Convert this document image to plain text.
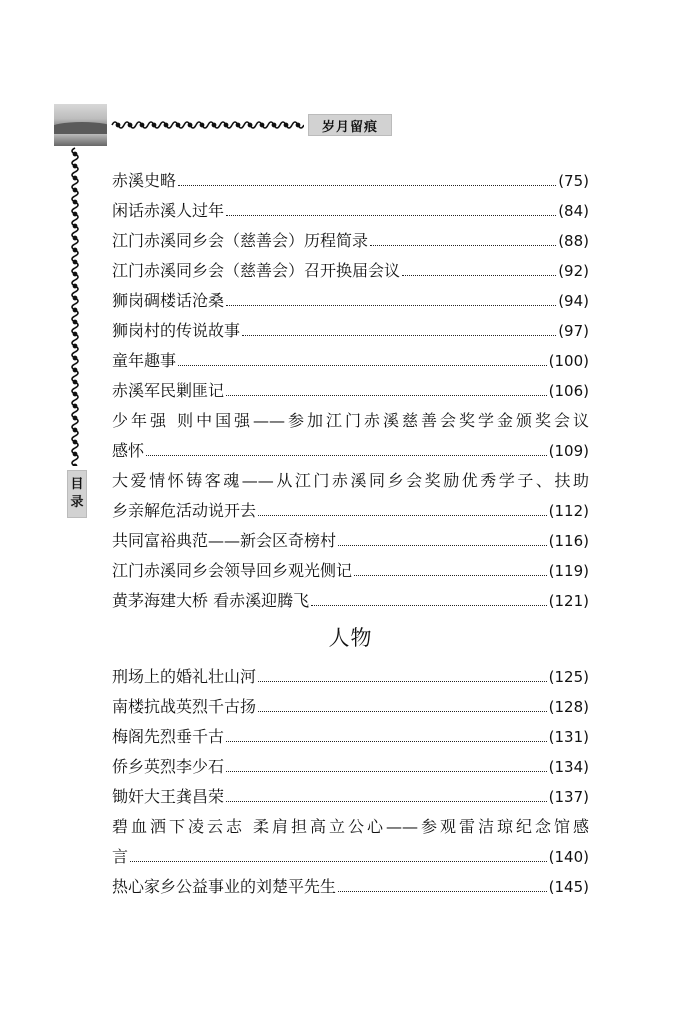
岁月留痕
目
录
赤溪史略	(75)
闲话赤溪人过年	(84)
江门赤溪同乡会（慈善会）历程简录	(88)
江门赤溪同乡会（慈善会）召开换届会议	(92)
狮岗碉楼话沧桑	(94)
狮岗村的传说故事	(97)
童年趣事	(100)
赤溪军民剿匪记	(106)
少年强 则中国强——参加江门赤溪慈善会奖学金颁奖会议
感怀	(109)
大爱情怀铸客魂——从江门赤溪同乡会奖励优秀学子、扶助
乡亲解危活动说开去	(112)
共同富裕典范——新会区奇榜村	(116)
江门赤溪同乡会领导回乡观光侧记	(119)
黄茅海建大桥 看赤溪迎腾飞	(121)
人物
刑场上的婚礼壮山河	(125)
南楼抗战英烈千古扬	(128)
梅阁先烈垂千古	(131)
侨乡英烈李少石	(134)
锄奸大王龚昌荣	(137)
碧血洒下凌云志 柔肩担高立公心——参观雷洁琼纪念馆感
言	(140)
热心家乡公益事业的刘楚平先生	(145)
